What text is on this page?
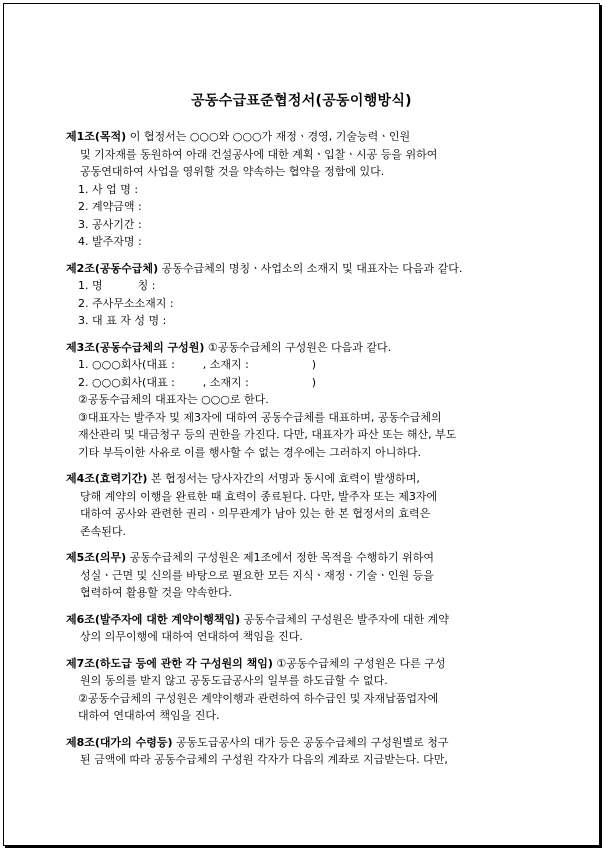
공동수급표준협정서(공동이행방식)
제1조(목적) 이 협정서는 ○○○와 ○○○가 재정ㆍ경영, 기술능력ㆍ인원
및 기자재를 동원하여 아래 건설공사에 대한 계획ㆍ입찰ㆍ시공 등을 위하여
공동연대하여 사업을 영위할 것을 약속하는 협약을 정함에 있다.
1. 사 업 명 :
2. 계약금액 :
3. 공사기간 :
4. 발주자명 :
제2조(공동수급체) 공동수급체의 명칭ㆍ사업소의 소재지 및 대표자는 다음과 같다.
1. 명          칭 :
2. 주사무소소재지 :
3. 대 표 자 성 명 :
제3조(공동수급체의 구성원) ①공동수급체의 구성원은 다음과 같다.
1. ○○○회사(대표 :        , 소재지 :                  )
2. ○○○회사(대표 :        , 소재지 :                  )
②공동수급체의 대표자는 ○○○로 한다.
③대표자는 발주자 및 제3자에 대하여 공동수급체를 대표하며, 공동수급체의
재산관리 및 대금청구 등의 권한을 가진다. 다만, 대표자가 파산 또는 해산, 부도
기타 부득이한 사유로 이를 행사할 수 없는 경우에는 그러하지 아니하다.
제4조(효력기간) 본 협정서는 당사자간의 서명과 동시에 효력이 발생하며,
당해 계약의 이행을 완료한 때 효력이 종료된다. 다만, 발주자 또는 제3자에
대하여 공사와 관련한 권리ㆍ의무관계가 남아 있는 한 본 협정서의 효력은
존속된다.
제5조(의무) 공동수급체의 구성원은 제1조에서 정한 목적을 수행하기 위하여
성실ㆍ근면 및 신의를 바탕으로 필요한 모든 지식ㆍ재정ㆍ기술ㆍ인원 등을
협력하여 활용할 것을 약속한다.
제6조(발주자에 대한 계약이행책임) 공동수급체의 구성원은 발주자에 대한 계약
상의 의무이행에 대하여 연대하여 책임을 진다.
제7조(하도급 등에 관한 각 구성원의 책임) ①공동수급체의 구성원은 다른 구성
원의 동의를 받지 않고 공동도급공사의 일부를 하도급할 수 없다.
②공동수급체의 구성원은 계약이행과 관련하여 하수급인 및 자재납품업자에
대하여 연대하여 책임을 진다.
제8조(대가의 수령등) 공동도급공사의 대가 등은 공동수급체의 구성원별로 청구
된 금액에 따라 공동수급체의 구성원 각자가 다음의 계좌로 지급받는다. 다만,
